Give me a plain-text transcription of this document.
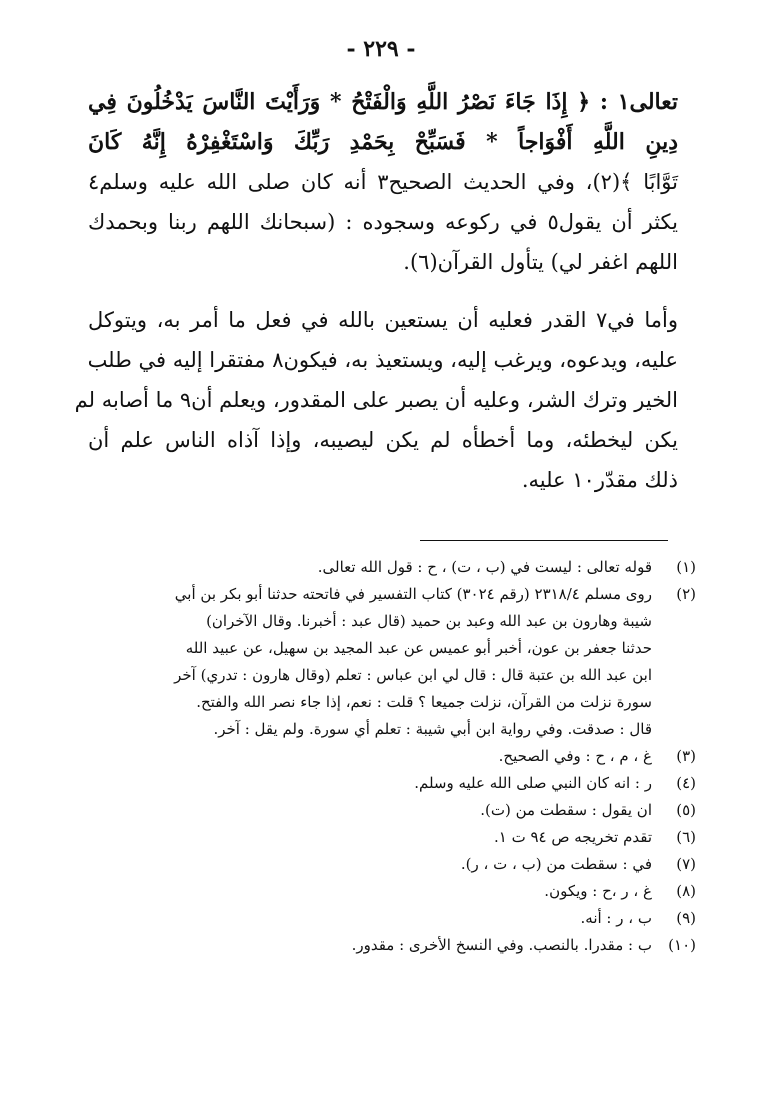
- ٢٢٩ -
تعالى١ : ﴿ إِذَا جَاءَ نَصْرُ اللَّهِ وَالْفَتْحُ * وَرَأَيْتَ النَّاسَ يَدْخُلُونَ فِي
دِينِ اللَّهِ أَفْوَاجاً * فَسَبِّحْ بِحَمْدِ رَبِّكَ وَاسْتَغْفِرْهُ إِنَّهُ كَانَ
تَوَّابًا ﴾(٢)، وفي الحديث الصحيح٣ أنه كان صلى الله عليه وسلم٤
يكثر أن يقول٥ في ركوعه وسجوده : (سبحانك اللهم ربنا وبحمدك
اللهم اغفر لي) يتأول القرآن(٦).
وأما في٧ القدر فعليه أن يستعين بالله في فعل ما أمر به، ويتوكل
عليه، ويدعوه، ويرغب إليه، ويستعيذ به، فيكون٨ مفتقرا إليه في طلب
الخير وترك الشر، وعليه أن يصبر على المقدور، ويعلم أن٩ ما أصابه لم
يكن ليخطئه، وما أخطأه لم يكن ليصيبه، وإذا آذاه الناس علم أن
ذلك مقدّر١٠ عليه.
(١)
قوله تعالى : ليست في (ب ، ت) ، ح : قول الله تعالى.
(٢)
روى مسلم ٢٣١٨/٤ (رقم ٣٠٢٤) كتاب التفسير في فاتحته حدثنا أبو بكر بن أبي
شيبة وهارون بن عبد الله وعبد بن حميد (قال عبد : أخبرنا. وقال الآخران)
حدثنا جعفر بن عون، أخبر أبو عميس عن عبد المجيد بن سهيل، عن عبيد الله
ابن عبد الله بن عتبة قال : قال لي ابن عباس : تعلم (وقال هارون : تدري) آخر
سورة نزلت من القرآن، نزلت جميعا ؟ قلت : نعم، إذا جاء نصر الله والفتح.
قال : صدقت. وفي رواية ابن أبي شيبة : تعلم أي سورة. ولم يقل : آخر.
(٣)
غ ، م ، ح : وفي الصحيح.
(٤)
ر : انه كان النبي صلى الله عليه وسلم.
(٥)
ان يقول : سقطت من (ت).
(٦)
تقدم تخريجه ص ٩٤ ت ١.
(٧)
في : سقطت من (ب ، ت ، ر).
(٨)
غ ، ر ،ح : ويكون.
(٩)
ب ، ر : أنه.
(١٠)
ب : مقدرا. بالنصب. وفي النسخ الأخرى : مقدور.
